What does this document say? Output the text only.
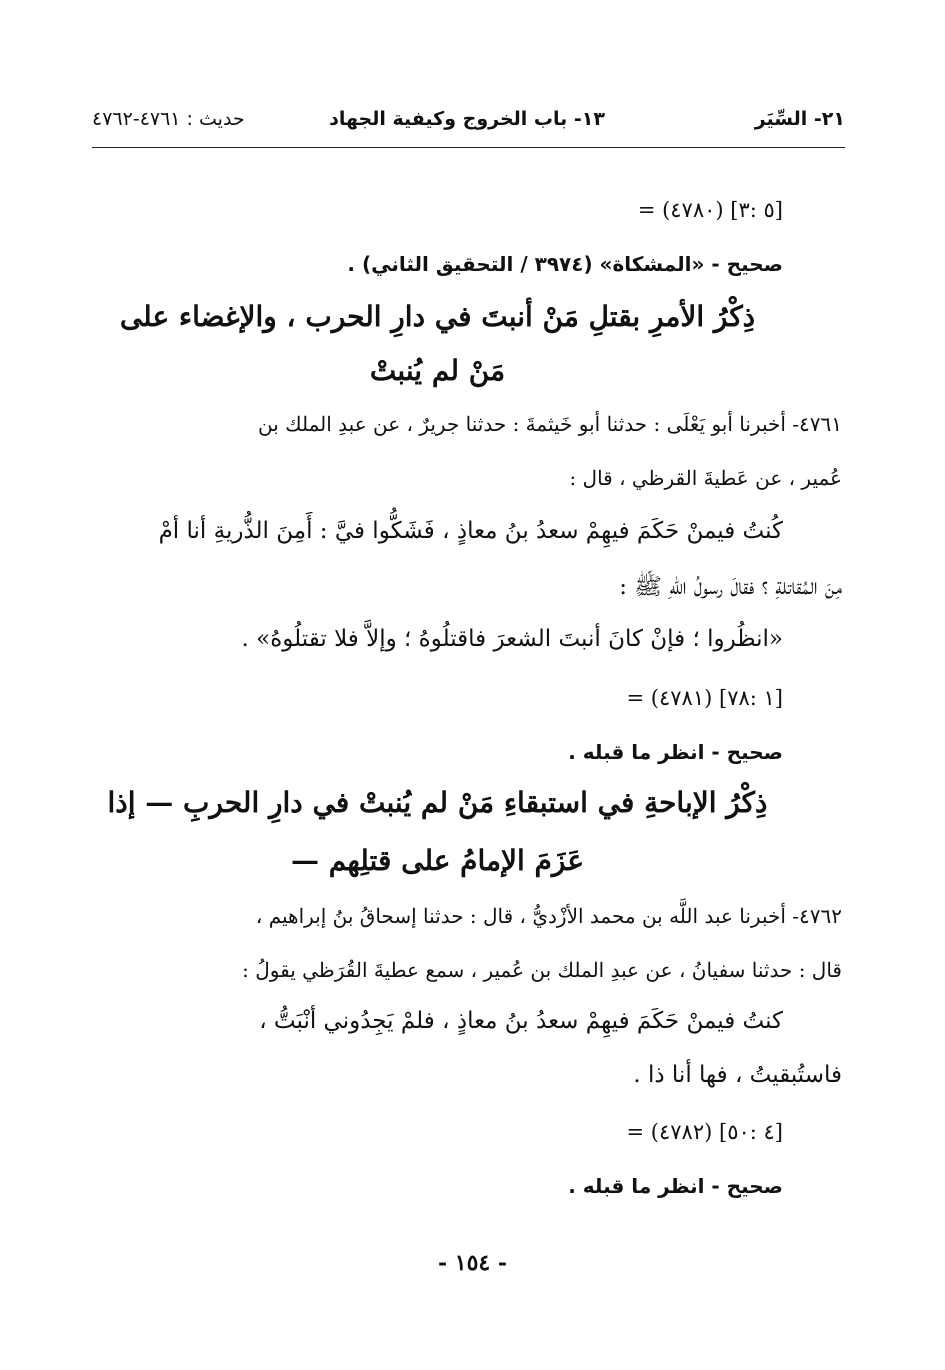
٢١- السِّيَر
١٣- باب الخروج وكيفية الجهاد
حديث : ٤٧٦١-٤٧٦٢
= (٤٧٨٠) [٥ :٣]
صحيح - «المشكاة» (٣٩٧٤ / التحقيق الثاني) .
ذِكْرُ الأمرِ بقتلِ مَنْ أنبتَ في دارِ الحرب ، والإغضاء على
مَنْ لم يُنبتْ
٤٧٦١- أخبرنا أبو يَعْلَى : حدثنا أبو خَيثمةَ : حدثنا جريرٌ ، عن عبدِ الملك بن
عُمير ، عن عَطيةَ القرظي ، قال :
كُنتُ فيمنْ حَكَمَ فيهِمْ سعدُ بنُ معاذٍ ، فَشَكُّوا فيَّ : أَمِنَ الذُّريةِ أنا أمْ
مِنَ المُقاتلةِ ؟ فقالَ رسولُ اللهِ ﷺ :
«انظُروا ؛ فإنْ كانَ أنبتَ الشعرَ فاقتلُوهُ ؛ وإلاَّ فلا تقتلُوهُ» .
= (٤٧٨١) [١ :٧٨]
صحيح - انظر ما قبله .
ذِكْرُ الإباحةِ في استبقاءِ مَنْ لم يُنبتْ في دارِ الحربِ — إذا
عَزَمَ الإمامُ على قتلِهم —
٤٧٦٢- أخبرنا عبد اللَّه بن محمد الأزْديُّ ، قال : حدثنا إسحاقُ بنُ إبراهيم ،
قال : حدثنا سفيانُ ، عن عبدِ الملك بن عُمير ، سمع عطيةَ القُرَظي يقولُ :
كنتُ فيمنْ حَكَمَ فيهِمْ سعدُ بنُ معاذٍ ، فلمْ يَجِدُوني أنْبَتُّ ،
فاستُبقيتُ ، فها أنا ذا .
= (٤٧٨٢) [٤ :٥٠]
صحيح - انظر ما قبله .
- ١٥٤ -
